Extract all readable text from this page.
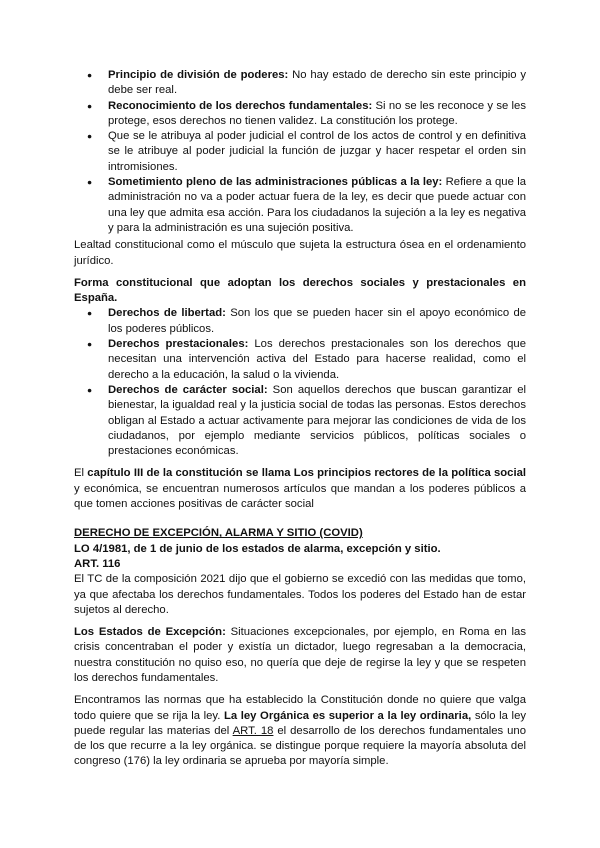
● Principio de división de poderes: No hay estado de derecho sin este principio y debe ser real.
● Reconocimiento de los derechos fundamentales: Si no se les reconoce y se les protege, esos derechos no tienen validez. La constitución los protege.
● Que se le atribuya al poder judicial el control de los actos de control y en definitiva se le atribuye al poder judicial la función de juzgar y hacer respetar el orden sin intromisiones.
● Sometimiento pleno de las administraciones públicas a la ley: Refiere a que la administración no va a poder actuar fuera de la ley, es decir que puede actuar con una ley que admita esa acción. Para los ciudadanos la sujeción a la ley es negativa y para la administración es una sujeción positiva.

Lealtad constitucional como el músculo que sujeta la estructura ósea en el ordenamiento jurídico.

Forma constitucional que adoptan los derechos sociales y prestacionales en España.

● Derechos de libertad: Son los que se pueden hacer sin el apoyo económico de los poderes públicos.
● Derechos prestacionales: Los derechos prestacionales son los derechos que necesitan una intervención activa del Estado para hacerse realidad, como el derecho a la educación, la salud o la vivienda.
● Derechos de carácter social: Son aquellos derechos que buscan garantizar el bienestar, la igualdad real y la justicia social de todas las personas. Estos derechos obligan al Estado a actuar activamente para mejorar las condiciones de vida de los ciudadanos, por ejemplo mediante servicios públicos, políticas sociales o prestaciones económicas.

El capítulo III de la constitución se llama Los principios rectores de la política social y económica, se encuentran numerosos artículos que mandan a los poderes públicos a que tomen acciones positivas de carácter social

DERECHO DE EXCEPCIÓN, ALARMA Y SITIO (COVID)

LO 4/1981, de 1 de junio de los estados de alarma, excepción y sitio.

ART. 116

El TC de la composición 2021 dijo que el gobierno se excedió con las medidas que tomo, ya que afectaba los derechos fundamentales. Todos los poderes del Estado han de estar sujetos al derecho.

Los Estados de Excepción: Situaciones excepcionales, por ejemplo, en Roma en las crisis concentraban el poder y existía un dictador, luego regresaban a la democracia, nuestra constitución no quiso eso, no quería que deje de regirse la ley y que se respeten los derechos fundamentales.

Encontramos las normas que ha establecido la Constitución donde no quiere que valga todo quiere que se rija la ley. La ley Orgánica es superior a la ley ordinaria, sólo la ley puede regular las materias del ART. 18 el desarrollo de los derechos fundamentales uno de los que recurre a la ley orgánica. se distingue porque requiere la mayoría absoluta del congreso (176) la ley ordinaria se aprueba por mayoría simple.
